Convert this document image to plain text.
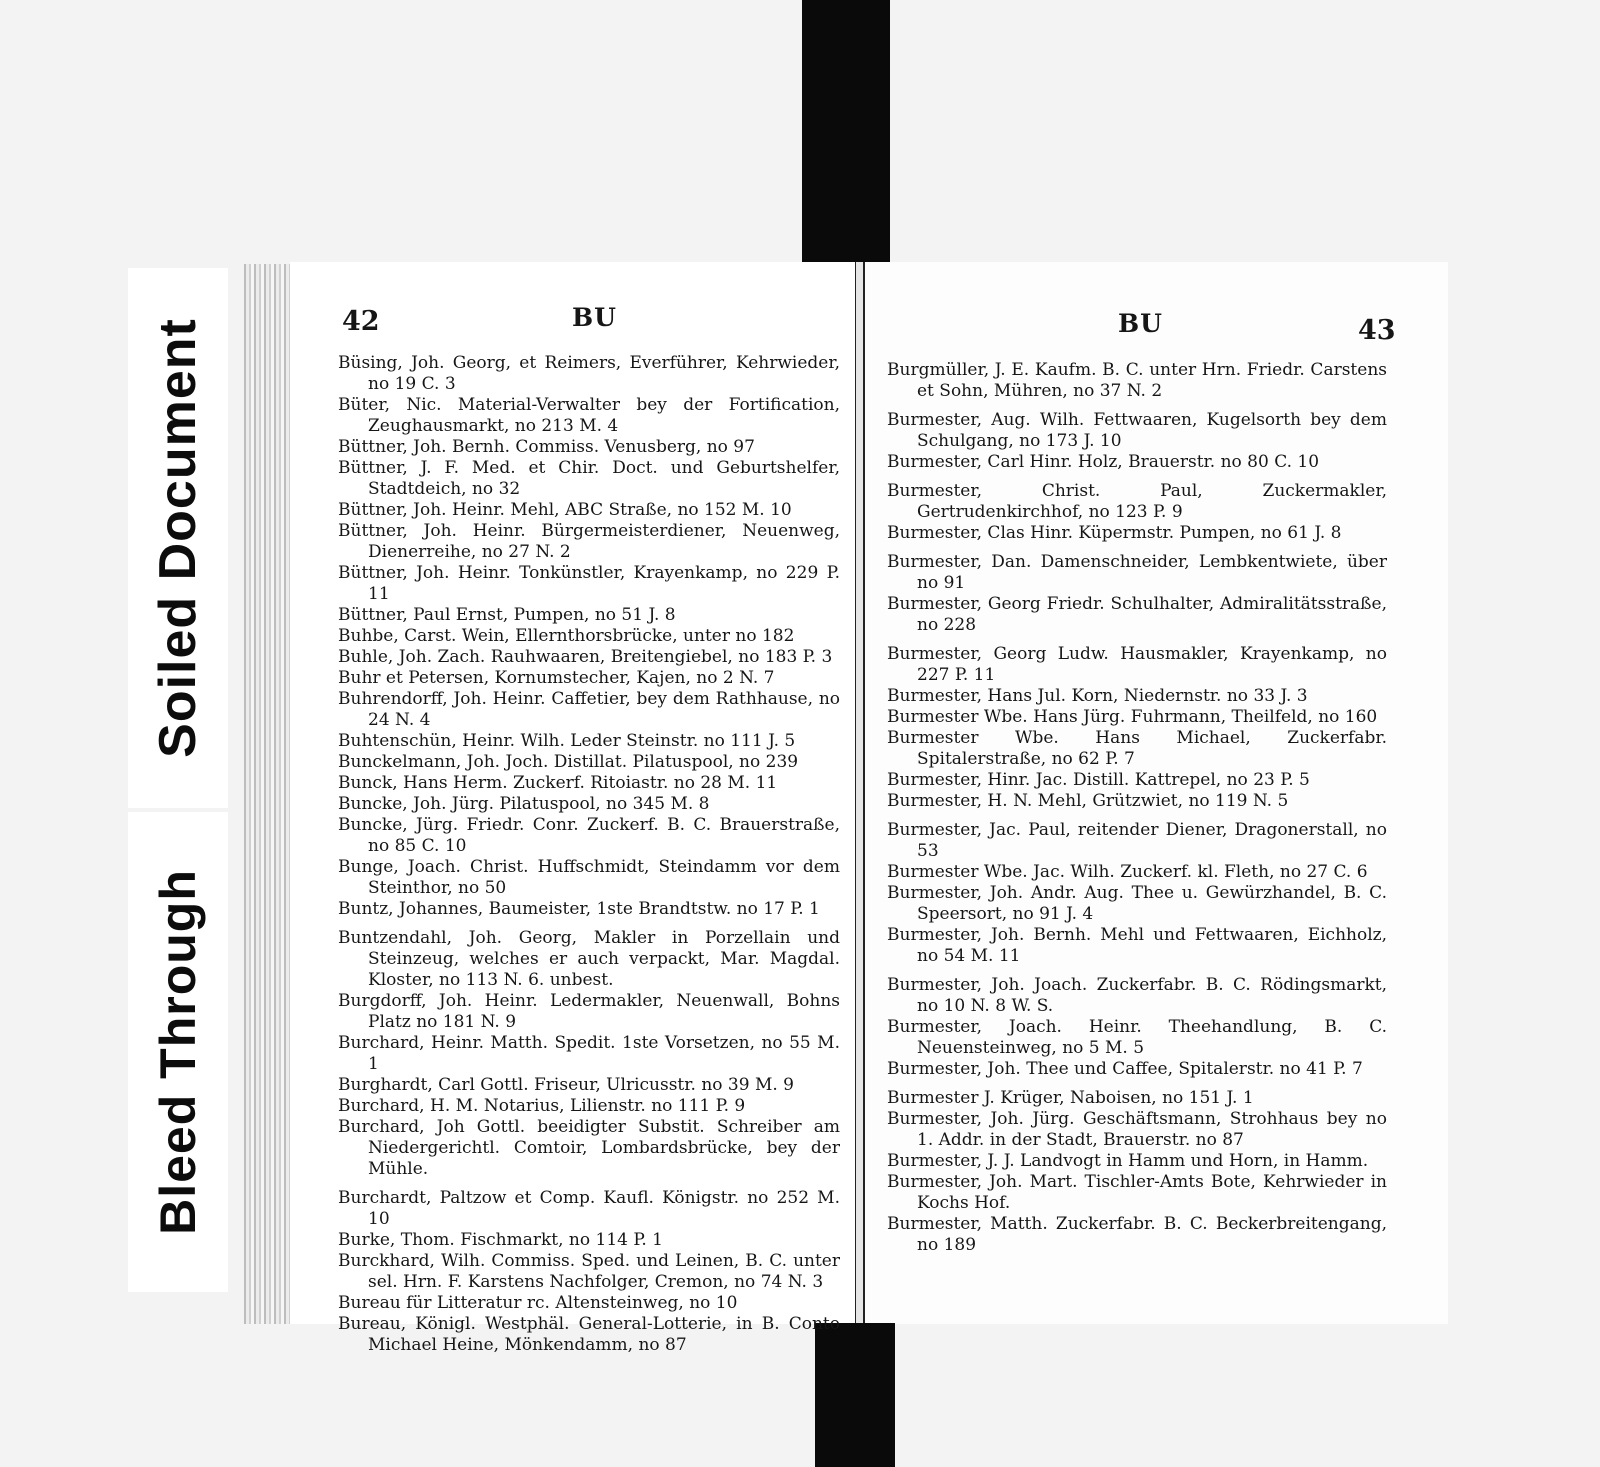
Soiled Document
Bleed Through
42	BU	BU	43
Büsing, Joh. Georg, et Reimers, Everführer, Kehrwieder, no 19 C. 3
Büter, Nic. Material-Verwalter bey der Fortification, Zeughausmarkt, no 213 M. 4
Büttner, Joh. Bernh. Commiss. Venusberg, no 97
Büttner, J. F. Med. et Chir. Doct. und Geburtshelfer, Stadtdeich, no 32
Büttner, Joh. Heinr. Mehl, ABC Straße, no 152 M. 10
Büttner, Joh. Heinr. Bürgermeisterdiener, Neuenweg, Dienerreihe, no 27 N. 2
Büttner, Joh. Heinr. Tonkünstler, Krayenkamp, no 229 P. 11
Büttner, Paul Ernst, Pumpen, no 51 J. 8
Buhbe, Carst. Wein, Ellernthorsbrücke, unter no 182
Buhle, Joh. Zach. Rauhwaaren, Breitengiebel, no 183 P. 3
Buhr et Petersen, Kornumstecher, Kajen, no 2 N. 7
Buhrendorff, Joh. Heinr. Caffetier, bey dem Rathhause, no 24 N. 4
Buhtenschün, Heinr. Wilh. Leder Steinstr. no 111 J. 5
Bunckelmann, Joh. Joch. Distillat. Pilatuspool, no 239
Bunck, Hans Herm. Zuckerf. Ritoiastr. no 28 M. 11
Buncke, Joh. Jürg. Pilatuspool, no 345 M. 8
Buncke, Jürg. Friedr. Conr. Zuckerf. B. C. Brauerstraße, no 85 C. 10
Bunge, Joach. Christ. Huffschmidt, Steindamm vor dem Steinthor, no 50
Buntz, Johannes, Baumeister, 1ste Brandtstw. no 17 P. 1
Buntzendahl, Joh. Georg, Makler in Porzellain und Steinzeug, welches er auch verpackt, Mar. Magdal. Kloster, no 113 N. 6. unbest.
Burgdorff, Joh. Heinr. Ledermakler, Neuenwall, Bohns Platz no 181 N. 9
Burchard, Heinr. Matth. Spedit. 1ste Vorsetzen, no 55 M. 1
Burghardt, Carl Gottl. Friseur, Ulricusstr. no 39 M. 9
Burchard, H. M. Notarius, Lilienstr. no 111 P. 9
Burchard, Joh Gottl. beeidigter Substit. Schreiber am Niedergerichtl. Comtoir, Lombardsbrücke, bey der Mühle.
Burchardt, Paltzow et Comp. Kaufl. Königstr. no 252 M. 10
Burke, Thom. Fischmarkt, no 114 P. 1
Burckhard, Wilh. Commiss. Sped. und Leinen, B. C. unter sel. Hrn. F. Karstens Nachfolger, Cremon, no 74 N. 3
Bureau für Litteratur rc. Altensteinweg, no 10
Bureau, Königl. Westphäl. General-Lotterie, in B. Conto Michael Heine, Mönkendamm, no 87
Burgmüller, J. E. Kaufm. B. C. unter Hrn. Friedr. Carstens et Sohn, Mühren, no 37 N. 2
Burmester, Aug. Wilh. Fettwaaren, Kugelsorth bey dem Schulgang, no 173 J. 10
Burmester, Carl Hinr. Holz, Brauerstr. no 80 C. 10
Burmester, Christ. Paul, Zuckermakler, Gertrudenkirchhof, no 123 P. 9
Burmester, Clas Hinr. Küpermstr. Pumpen, no 61 J. 8
Burmester, Dan. Damenschneider, Lembkentwiete, über no 91
Burmester, Georg Friedr. Schulhalter, Admiralitätsstraße, no 228
Burmester, Georg Ludw. Hausmakler, Krayenkamp, no 227 P. 11
Burmester, Hans Jul. Korn, Niedernstr. no 33 J. 3
Burmester Wbe. Hans Jürg. Fuhrmann, Theilfeld, no 160
Burmester Wbe. Hans Michael, Zuckerfabr. Spitalerstraße, no 62 P. 7
Burmester, Hinr. Jac. Distill. Kattrepel, no 23 P. 5
Burmester, H. N. Mehl, Grützwiet, no 119 N. 5
Burmester, Jac. Paul, reitender Diener, Dragonerstall, no 53
Burmester Wbe. Jac. Wilh. Zuckerf. kl. Fleth, no 27 C. 6
Burmester, Joh. Andr. Aug. Thee u. Gewürzhandel, B. C. Speersort, no 91 J. 4
Burmester, Joh. Bernh. Mehl und Fettwaaren, Eichholz, no 54 M. 11
Burmester, Joh. Joach. Zuckerfabr. B. C. Rödingsmarkt, no 10 N. 8 W. S.
Burmester, Joach. Heinr. Theehandlung, B. C. Neuensteinweg, no 5 M. 5
Burmester, Joh. Thee und Caffee, Spitalerstr. no 41 P. 7
Burmester J. Krüger, Naboisen, no 151 J. 1
Burmester, Joh. Jürg. Geschäftsmann, Strohhaus bey no 1. Addr. in der Stadt, Brauerstr. no 87
Burmester, J. J. Landvogt in Hamm und Horn, in Hamm.
Burmester, Joh. Mart. Tischler-Amts Bote, Kehrwieder in Kochs Hof.
Burmester, Matth. Zuckerfabr. B. C. Beckerbreitengang, no 189
